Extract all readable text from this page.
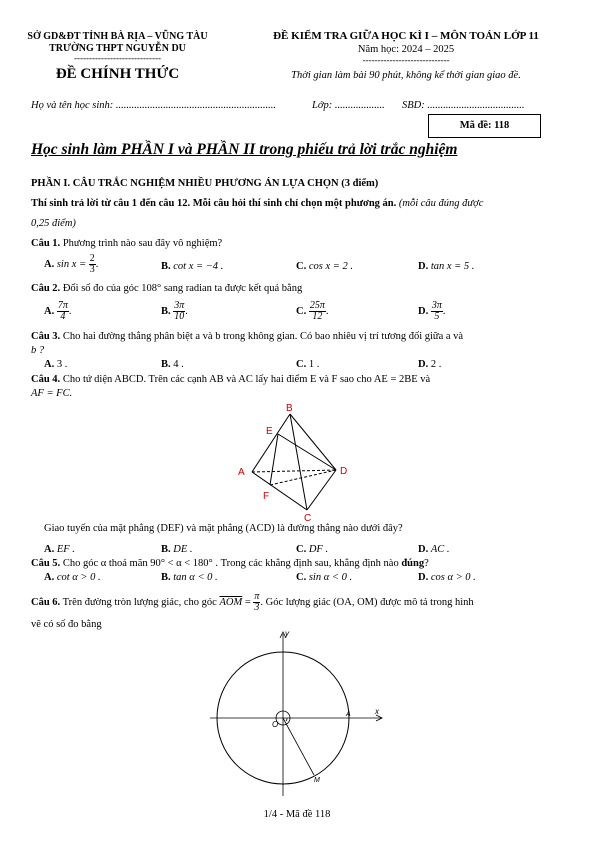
SỞ GD&ĐT TỈNH BÀ RỊA – VŨNG TÀU
TRƯỜNG THPT NGUYỄN DU
-----------------------------
ĐỀ CHÍNH THỨC
ĐỀ KIỂM TRA GIỮA HỌC KÌ I – MÔN TOÁN LỚP 11
Năm học: 2024 – 2025
-----------------------------
Thời gian làm bài 90 phút, không kể thời gian giao đề.
Họ và tên học sinh: .............................................................	Lớp: ................... SBD: .....................................
Mã đề: 118
Học sinh làm PHẦN I và PHẦN II trong phiếu trả lời trắc nghiệm
PHẦN I. CÂU TRẮC NGHIỆM NHIỀU PHƯƠNG ÁN LỰA CHỌN (3 điểm)
Thí sinh trả lời từ câu 1 đến câu 12. Mỗi câu hỏi thí sinh chỉ chọn một phương án. (mỗi câu đúng được
0,25 điểm)
Câu 1. Phương trình nào sau đây vô nghiệm?
A. $\sin x = \frac{2}{3}$ .	B. cot x = −4 .	C. cos x = 2 .	D. tan x = 5 .
Câu 2. Đổi số đo của góc 108° sang radian ta được kết quả bằng
A. $\frac{7\pi}{4}$ .	B. $\frac{3\pi}{10}$ .	C. $\frac{25\pi}{12}$ .	D. $\frac{3\pi}{5}$ .
Câu 3. Cho hai đường thẳng phân biệt a và b trong không gian. Có bao nhiêu vị trí tương đối giữa a và
b ?
A. 3 .	B. 4 .	C. 1 .	D. 2 .
Câu 4. Cho tứ diện ABCD. Trên các cạnh AB và AC lấy hai điểm E và F sao cho AE = 2BE và
AF = FC.
B
E
A	D
F
C
Giao tuyến của mặt phẳng (DEF) và mặt phẳng (ACD) là đường thẳng nào dưới đây?
A. EF .	B. DE .	C. DF .	D. AC .
Câu 5. Cho góc α thoả mãn 90° < α < 180° . Trong các khẳng định sau, khẳng định nào đúng?
A. cot α > 0 .	B. tan α < 0 .	C. sin α < 0 .	D. cos α > 0 .
Câu 6. Trên đường tròn lượng giác, cho góc $\overline{AOM} = \frac{\pi}{3}$ . Góc lượng giác (OA, OM) được mô tả trong hình
vẽ có số đo bằng
y
x
O
A
M
1/4 - Mã đề 118
